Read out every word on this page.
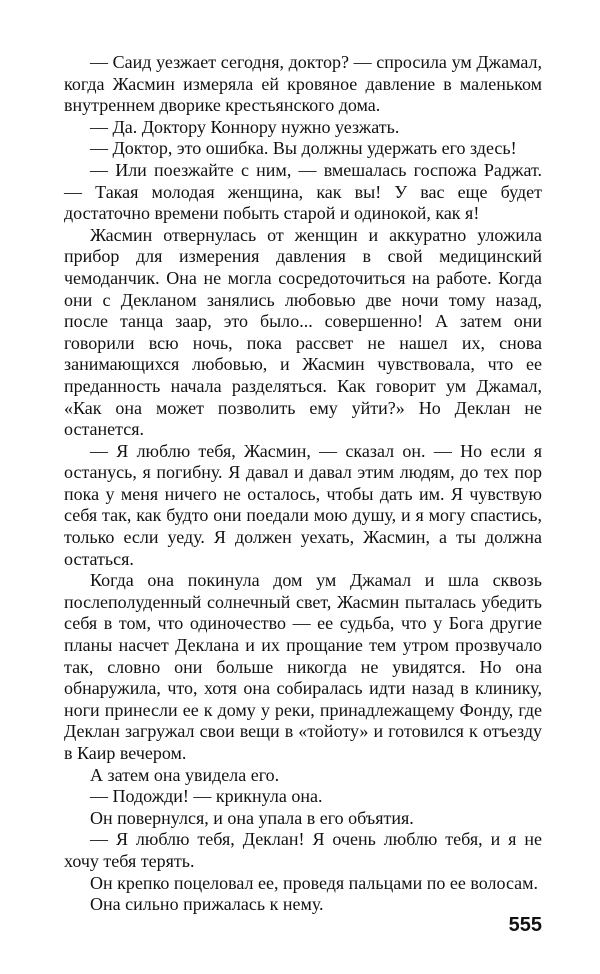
— Саид уезжает сегодня, доктор? — спросила ум Джамал, когда Жасмин измеряла ей кровяное давление в маленьком внутреннем дворике крестьянского дома.

— Да. Доктору Коннору нужно уезжать.

— Доктор, это ошибка. Вы должны удержать его здесь!

— Или поезжайте с ним, — вмешалась госпожа Раджат. — Такая молодая женщина, как вы! У вас еще будет достаточно времени побыть старой и одинокой, как я!

Жасмин отвернулась от женщин и аккуратно уложила прибор для измерения давления в свой медицинский чемоданчик. Она не могла сосредоточиться на работе. Когда они с Декланом занялись любовью две ночи тому назад, после танца заар, это было... совершенно! А затем они говорили всю ночь, пока рассвет не нашел их, снова занимающихся любовью, и Жасмин чувствовала, что ее преданность начала разделяться. Как говорит ум Джамал, «Как она может позволить ему уйти?» Но Деклан не останется.

— Я люблю тебя, Жасмин, — сказал он. — Но если я останусь, я погибну. Я давал и давал этим людям, до тех пор пока у меня ничего не осталось, чтобы дать им. Я чувствую себя так, как будто они поедали мою душу, и я могу спастись, только если уеду. Я должен уехать, Жасмин, а ты должна остаться.

Когда она покинула дом ум Джамал и шла сквозь послеполуденный солнечный свет, Жасмин пыталась убедить себя в том, что одиночество — ее судьба, что у Бога другие планы насчет Деклана и их прощание тем утром прозвучало так, словно они больше никогда не увидятся. Но она обнаружила, что, хотя она собиралась идти назад в клинику, ноги принесли ее к дому у реки, принадлежащему Фонду, где Деклан загружал свои вещи в «тойоту» и готовился к отъезду в Каир вечером.

А затем она увидела его.

— Подожди! — крикнула она.

Он повернулся, и она упала в его объятия.

— Я люблю тебя, Деклан! Я очень люблю тебя, и я не хочу тебя терять.

Он крепко поцеловал ее, проведя пальцами по ее волосам.

Она сильно прижалась к нему.

555
